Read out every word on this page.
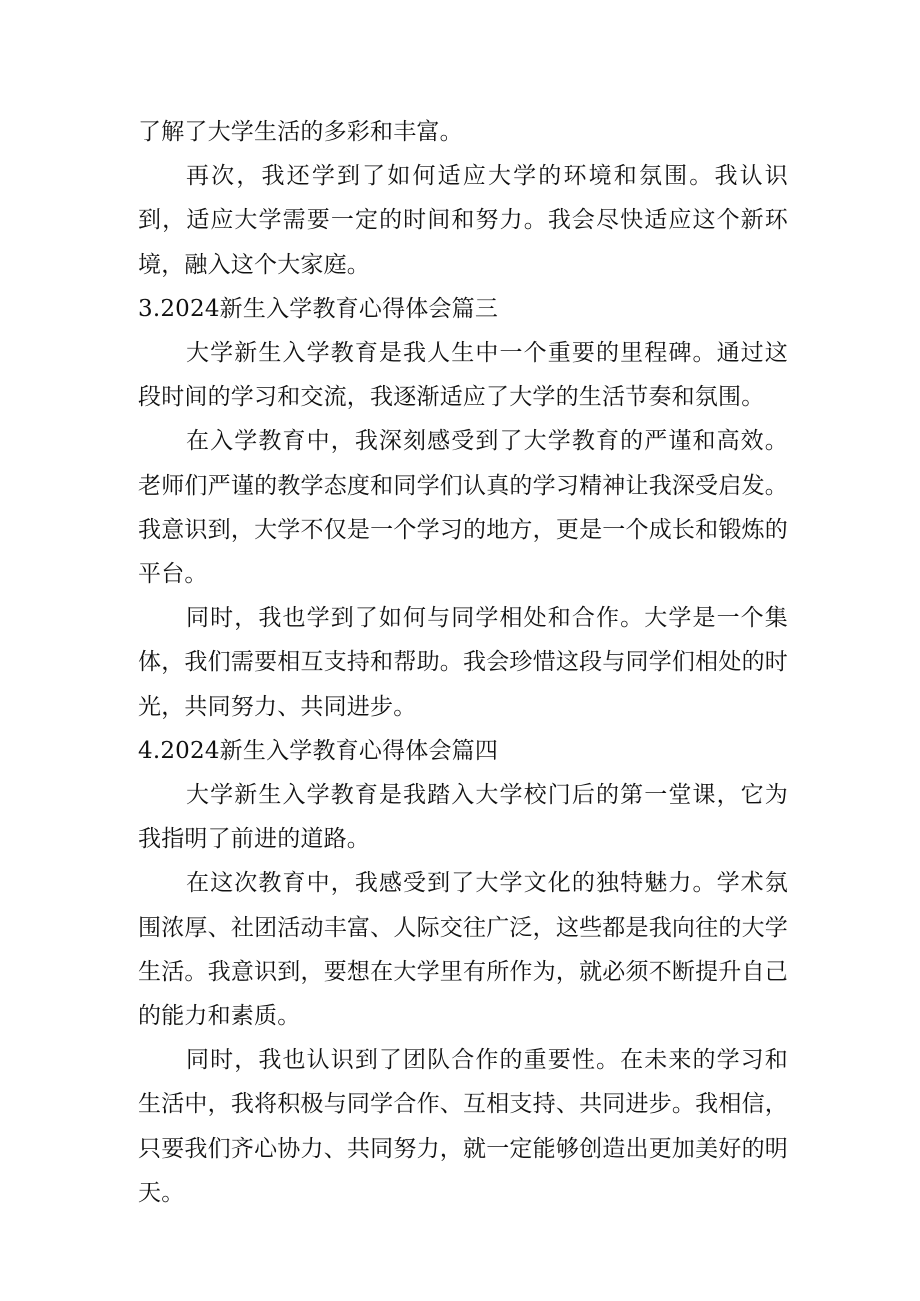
了解了大学生活的多彩和丰富。

再次，我还学到了如何适应大学的环境和氛围。我认识到，适应大学需要一定的时间和努力。我会尽快适应这个新环境，融入这个大家庭。

3.2024新生入学教育心得体会篇三

大学新生入学教育是我人生中一个重要的里程碑。通过这段时间的学习和交流，我逐渐适应了大学的生活节奏和氛围。

在入学教育中，我深刻感受到了大学教育的严谨和高效。老师们严谨的教学态度和同学们认真的学习精神让我深受启发。我意识到，大学不仅是一个学习的地方，更是一个成长和锻炼的平台。

同时，我也学到了如何与同学相处和合作。大学是一个集体，我们需要相互支持和帮助。我会珍惜这段与同学们相处的时光，共同努力、共同进步。

4.2024新生入学教育心得体会篇四

大学新生入学教育是我踏入大学校门后的第一堂课，它为我指明了前进的道路。

在这次教育中，我感受到了大学文化的独特魅力。学术氛围浓厚、社团活动丰富、人际交往广泛，这些都是我向往的大学生活。我意识到，要想在大学里有所作为，就必须不断提升自己的能力和素质。

同时，我也认识到了团队合作的重要性。在未来的学习和生活中，我将积极与同学合作、互相支持、共同进步。我相信，只要我们齐心协力、共同努力，就一定能够创造出更加美好的明天。
